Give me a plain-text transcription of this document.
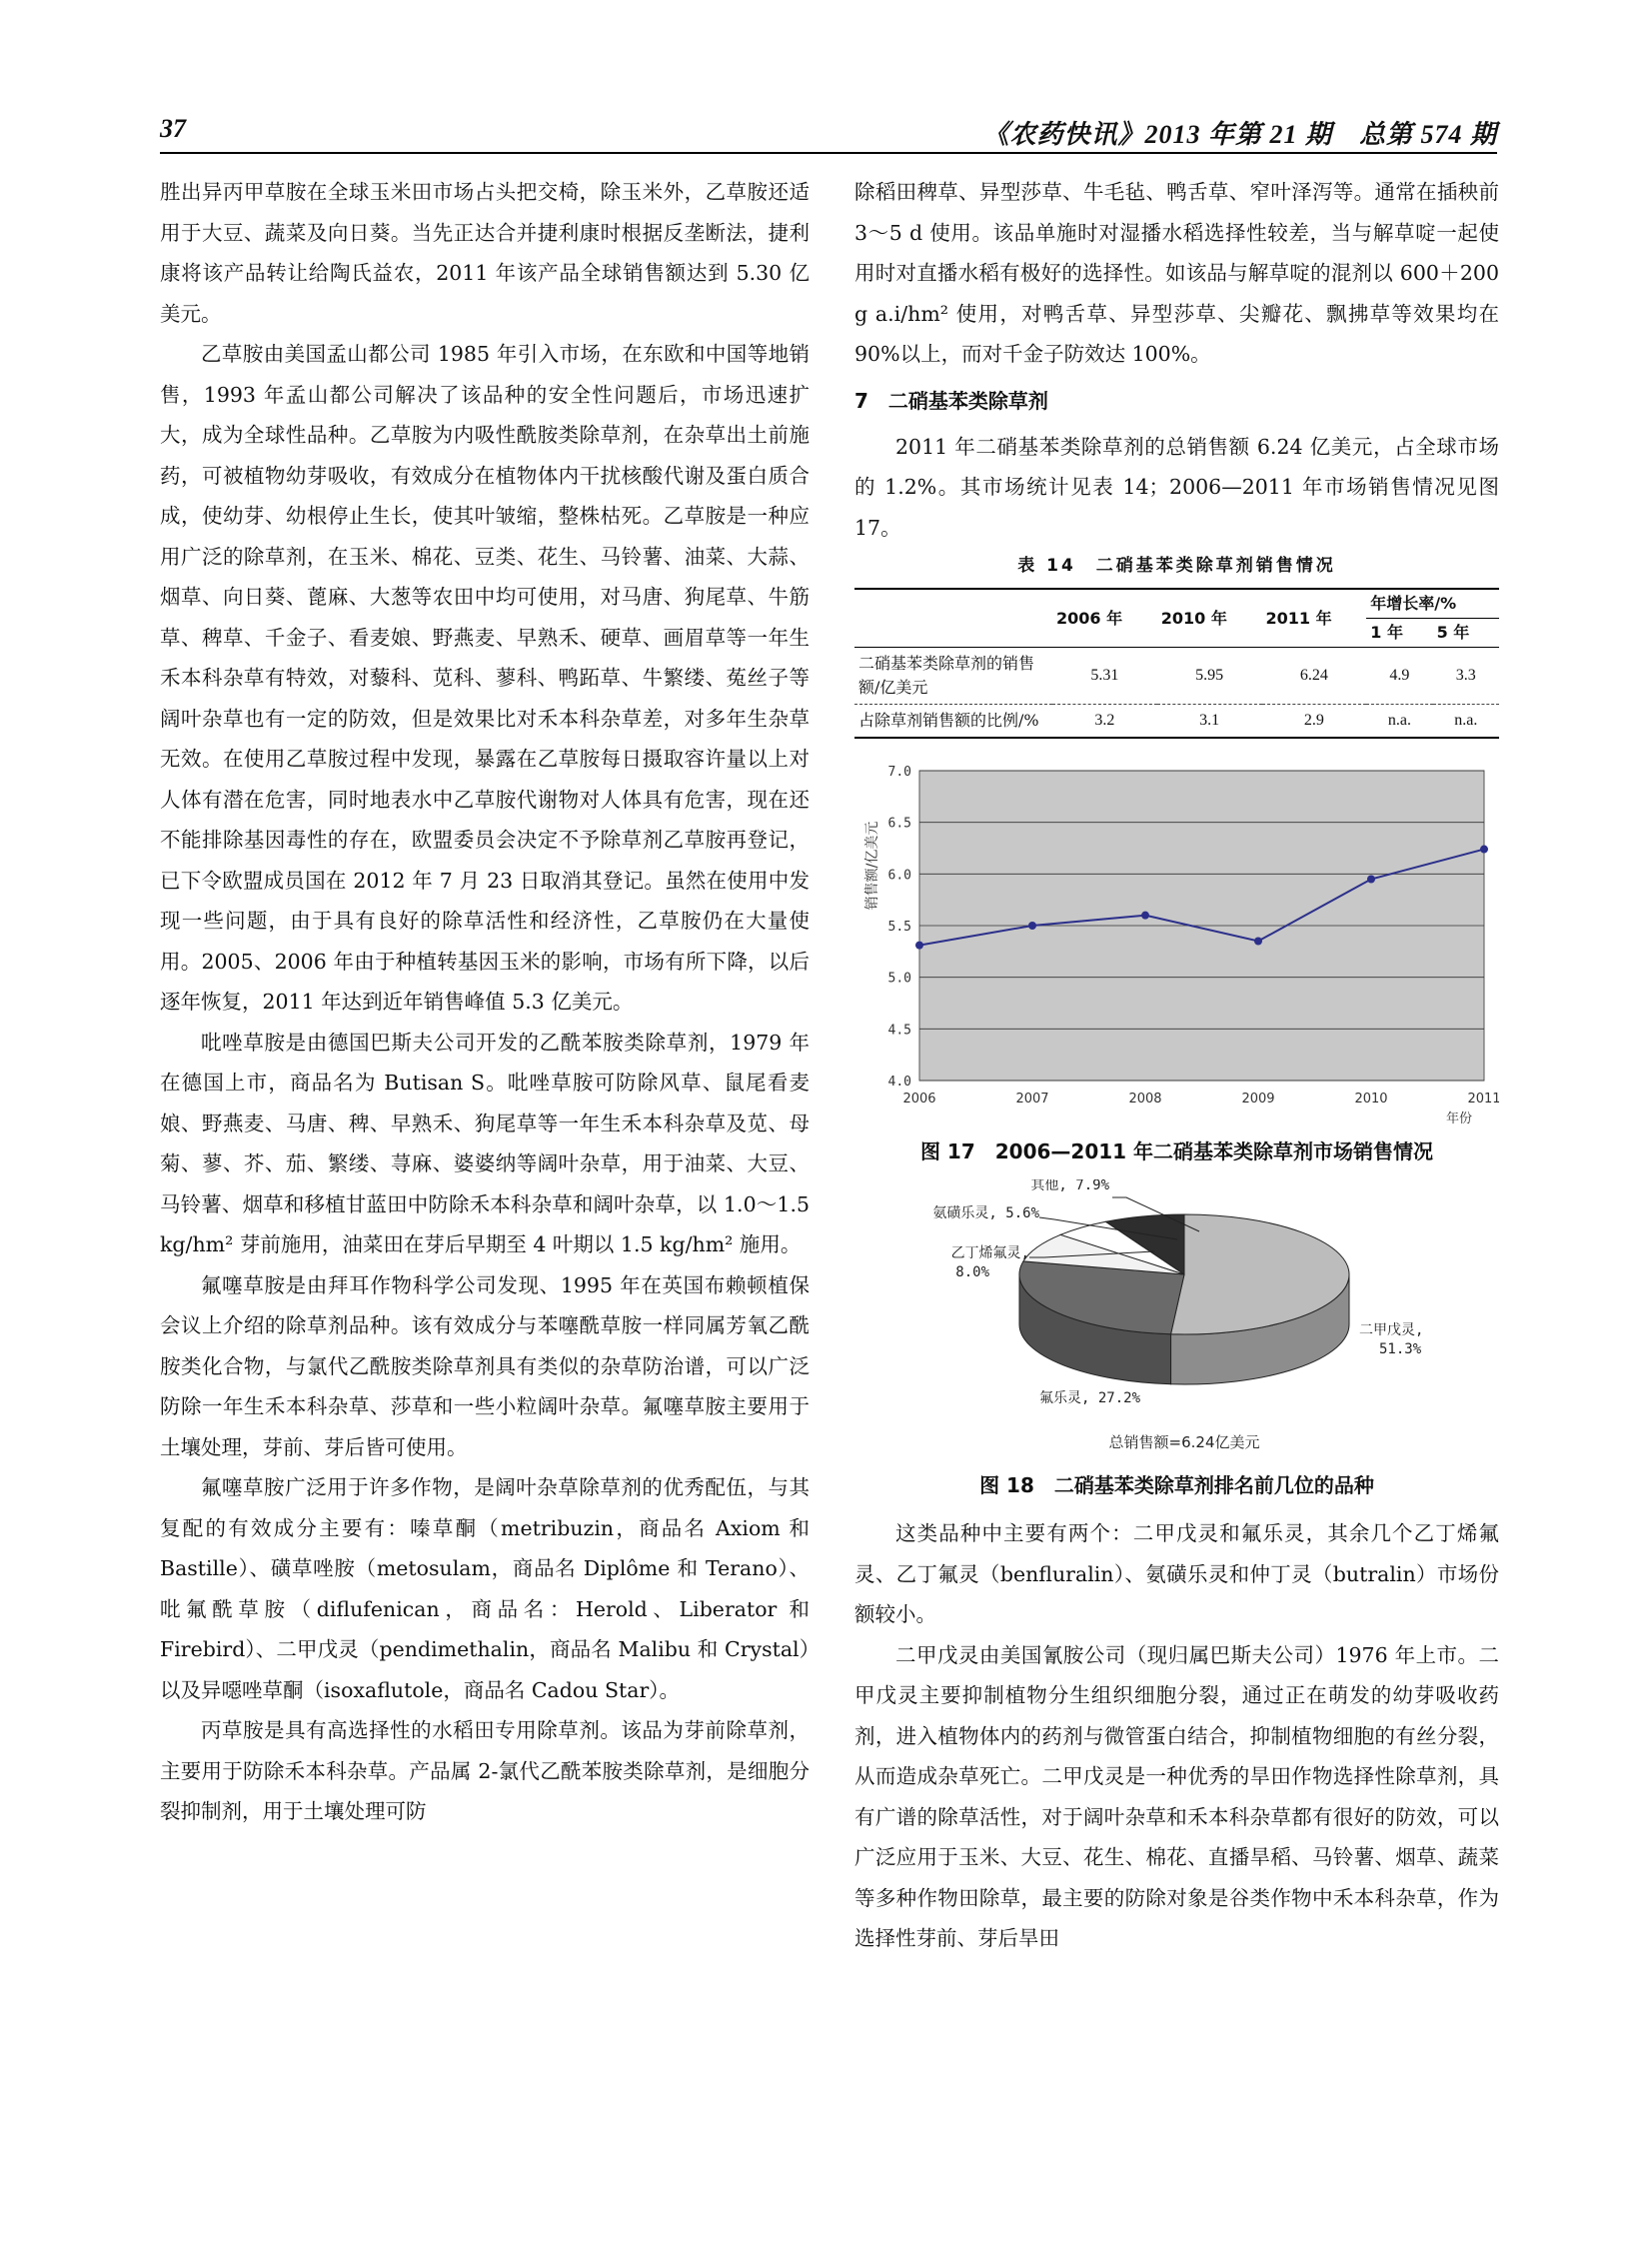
37	《农药快讯》2013 年第 21 期　总第 574 期

胜出异丙甲草胺在全球玉米田市场占头把交椅，除玉米外，乙草胺还适用于大豆、蔬菜及向日葵。当先正达合并捷利康时根据反垄断法，捷利康将该产品转让给陶氏益农，2011 年该产品全球销售额达到 5.30 亿美元。

乙草胺由美国孟山都公司 1985 年引入市场，在东欧和中国等地销售，1993 年孟山都公司解决了该品种的安全性问题后，市场迅速扩大，成为全球性品种。乙草胺为内吸性酰胺类除草剂，在杂草出土前施药，可被植物幼芽吸收，有效成分在植物体内干扰核酸代谢及蛋白质合成，使幼芽、幼根停止生长，使其叶皱缩，整株枯死。乙草胺是一种应用广泛的除草剂，在玉米、棉花、豆类、花生、马铃薯、油菜、大蒜、烟草、向日葵、蓖麻、大葱等农田中均可使用，对马唐、狗尾草、牛筋草、稗草、千金子、看麦娘、野燕麦、早熟禾、硬草、画眉草等一年生禾本科杂草有特效，对藜科、苋科、蓼科、鸭跖草、牛繁缕、菟丝子等阔叶杂草也有一定的防效，但是效果比对禾本科杂草差，对多年生杂草无效。在使用乙草胺过程中发现，暴露在乙草胺每日摄取容许量以上对人体有潜在危害，同时地表水中乙草胺代谢物对人体具有危害，现在还不能排除基因毒性的存在，欧盟委员会决定不予除草剂乙草胺再登记，已下令欧盟成员国在 2012 年 7 月 23 日取消其登记。虽然在使用中发现一些问题，由于具有良好的除草活性和经济性，乙草胺仍在大量使用。2005、2006 年由于种植转基因玉米的影响，市场有所下降，以后逐年恢复，2011 年达到近年销售峰值 5.3 亿美元。

吡唑草胺是由德国巴斯夫公司开发的乙酰苯胺类除草剂，1979 年在德国上市，商品名为 Butisan S。吡唑草胺可防除风草、鼠尾看麦娘、野燕麦、马唐、稗、早熟禾、狗尾草等一年生禾本科杂草及苋、母菊、蓼、芥、茄、繁缕、荨麻、婆婆纳等阔叶杂草，用于油菜、大豆、马铃薯、烟草和移植甘蓝田中防除禾本科杂草和阔叶杂草，以 1.0～1.5 kg/hm² 芽前施用，油菜田在芽后早期至 4 叶期以 1.5 kg/hm² 施用。

氟噻草胺是由拜耳作物科学公司发现、1995 年在英国布赖顿植保会议上介绍的除草剂品种。该有效成分与苯噻酰草胺一样同属芳氧乙酰胺类化合物，与氯代乙酰胺类除草剂具有类似的杂草防治谱，可以广泛防除一年生禾本科杂草、莎草和一些小粒阔叶杂草。氟噻草胺主要用于土壤处理，芽前、芽后皆可使用。

氟噻草胺广泛用于许多作物，是阔叶杂草除草剂的优秀配伍，与其复配的有效成分主要有：嗪草酮（metribuzin，商品名 Axiom 和 Bastille）、磺草唑胺（metosulam，商品名 Diplôme 和 Terano）、吡氟酰草胺（diflufenican，商品名：Herold、Liberator 和 Firebird）、二甲戊灵（pendimethalin，商品名 Malibu 和 Crystal）以及异噁唑草酮（isoxaflutole，商品名 Cadou Star）。

丙草胺是具有高选择性的水稻田专用除草剂。该品为芽前除草剂，主要用于防除禾本科杂草。产品属 2-氯代乙酰苯胺类除草剂，是细胞分裂抑制剂，用于土壤处理可防

除稻田稗草、异型莎草、牛毛毡、鸭舌草、窄叶泽泻等。通常在插秧前 3～5 d 使用。该品单施时对湿播水稻选择性较差，当与解草啶一起使用时对直播水稻有极好的选择性。如该品与解草啶的混剂以 600＋200 g a.i/hm² 使用，对鸭舌草、异型莎草、尖瓣花、飘拂草等效果均在 90%以上，而对千金子防效达 100%。

7　二硝基苯类除草剂

2011 年二硝基苯类除草剂的总销售额 6.24 亿美元，占全球市场的 1.2%。其市场统计见表 14；2006—2011 年市场销售情况见图 17。

表 14　二硝基苯类除草剂销售情况
	2006 年	2010 年	2011 年	年增长率/%	
				1 年	5 年
二硝基苯类除草剂的销售额/亿美元	5.31	5.95	6.24	4.9	3.3
占除草剂销售额的比例/%	3.2	3.1	2.9	n.a.	n.a.
4.0
4.5
5.0
5.5
6.0
6.5
7.0
2006	2007	2008	2009	2010	2011
销售额/亿美元
年份
图 17　2006—2011 年二硝基苯类除草剂市场销售情况
二甲戊灵,
51.3%
氟乐灵, 27.2%
乙丁烯氟灵,
8.0%
氨磺乐灵, 5.6%
其他, 7.9%
总销售额=6.24亿美元
图 18　二硝基苯类除草剂排名前几位的品种

这类品种中主要有两个：二甲戊灵和氟乐灵，其余几个乙丁烯氟灵、乙丁氟灵（benfluralin）、氨磺乐灵和仲丁灵（butralin）市场份额较小。

二甲戊灵由美国氰胺公司（现归属巴斯夫公司）1976 年上市。二甲戊灵主要抑制植物分生组织细胞分裂，通过正在萌发的幼芽吸收药剂，进入植物体内的药剂与微管蛋白结合，抑制植物细胞的有丝分裂，从而造成杂草死亡。二甲戊灵是一种优秀的旱田作物选择性除草剂，具有广谱的除草活性，对于阔叶杂草和禾本科杂草都有很好的防效，可以广泛应用于玉米、大豆、花生、棉花、直播旱稻、马铃薯、烟草、蔬菜等多种作物田除草，最主要的防除对象是谷类作物中禾本科杂草，作为选择性芽前、芽后旱田
